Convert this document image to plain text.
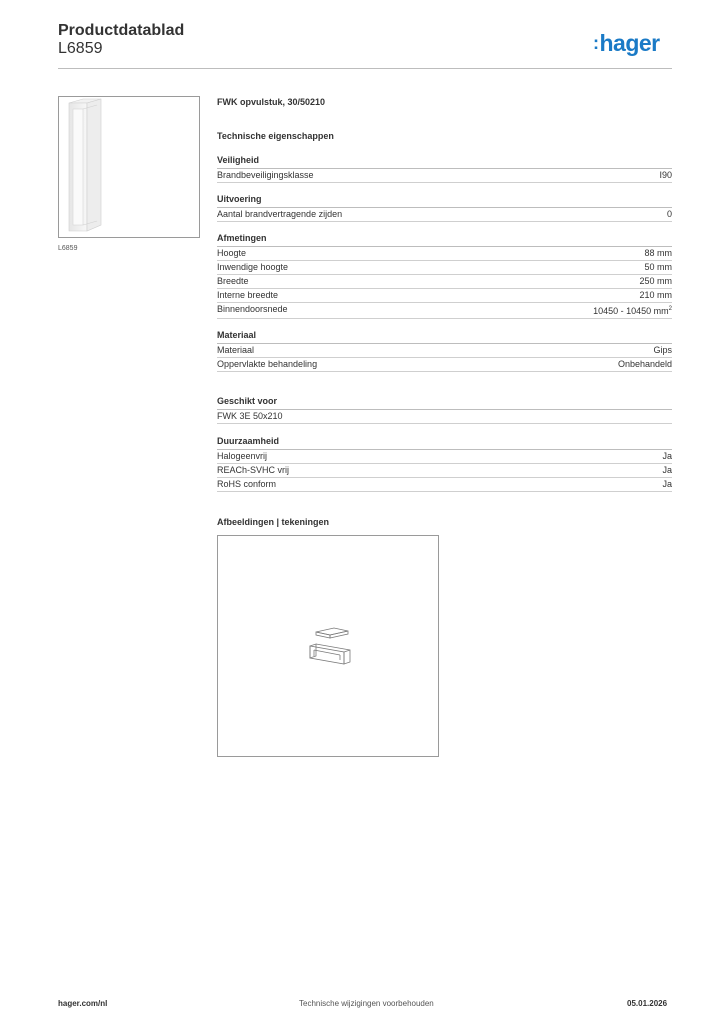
Productdatablad
L6859	:hager
L6859
FWK opvulstuk, 30/50210
Technische eigenschappen
Veiligheid
Brandbeveiligingsklasse	I90
Uitvoering
Aantal brandvertragende zijden	0
Afmetingen
Hoogte	88 mm
Inwendige hoogte	50 mm
Breedte	250 mm
Interne breedte	210 mm
Binnendoorsnede	10450 - 10450 $mm^2$
Materiaal
Materiaal	Gips
Oppervlakte behandeling	Onbehandeld
Geschikt voor
FWK 3E 50x210
Duurzaamheid
Halogeenvrij	Ja
REACh-SVHC vrij	Ja
RoHS conform	Ja
Afbeeldingen | tekeningen
hager.com/nl	Technische wijzigingen voorbehouden	05.01.2026
